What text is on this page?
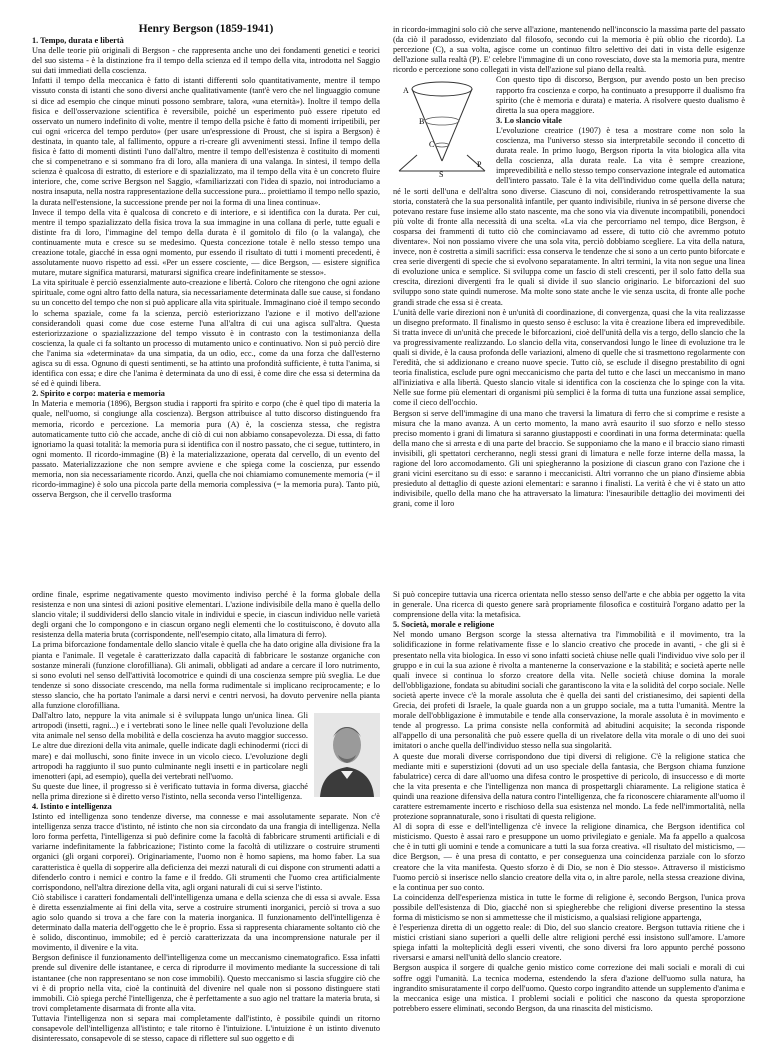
Henry Bergson (1859-1941)

1. Tempo, durata e libertà

Una delle teorie più originali di Bergson - che rappresenta anche uno dei fondamenti genetici e teorici del suo sistema - è la distinzione fra il tempo della scienza ed il tempo della vita, introdotta nel Saggio sui dati immediati della coscienza.

Infatti il tempo della meccanica è fatto di istanti differenti solo quantitativamente, mentre il tempo vissuto consta di istanti che sono diversi anche qualitativamente (tant'è vero che nel linguaggio comune si dice ad esempio che cinque minuti possono sembrare, talora, «una eternità»). Inoltre il tempo della fisica e dell'osservazione scientifica è reversibile, poiché un esperimento può essere ripetuto ed osservato un numero indefinito di volte, mentre il tempo della psiche è fatto di momenti irripetibili, per cui ogni «ricerca del tempo perduto» (per usare un'espressione di Proust, che si ispira a Bergson) è destinata, in quanto tale, al fallimento, oppure a ri-creare gli avvenimenti stessi. Infine il tempo della fisica è fatto di momenti distinti l'uno dall'altro, mentre il tempo dell'esistenza è costituito di momenti che si compenetrano e si sommano fra di loro, alla maniera di una valanga. In sintesi, il tempo della scienza è qualcosa di estratto, di esteriore e di spazializzato, ma il tempo della vita è un concreto fluire interiore, che, come scrive Bergson nel Saggio, «familiarizzati con l'idea di spazio, noi introduciamo a nostra insaputa, nella nostra rappresentazione della successione pura... proiettiamo il tempo nello spazio, la durata nell'estensione, la successione prende per noi la forma di una linea continua».

Invece il tempo della vita è qualcosa di concreto e di interiore, e si identifica con la durata. Per cui, mentre il tempo spazializzato della fisica trova la sua immagine in una collana di perle, tutte eguali e distinte fra di loro, l'immagine del tempo della durata è il gomitolo di filo (o la valanga), che continuamente muta e cresce su se medesimo. Questa concezione totale è nello stesso tempo una creazione totale, giacché in essa ogni momento, pur essendo il risultato di tutti i momenti precedenti, è assolutamente nuovo rispetto ad essi. «Per un essere cosciente, — dice Bergson, — esistere significa mutare, mutare significa maturarsi, maturarsi significa creare indefinitamente se stesso».

La vita spirituale è perciò essenzialmente auto-creazione e libertà. Coloro che ritengono che ogni azione spirituale, come ogni altro fatto della natura, sia necessariamente determinata dalle sue cause, si fondano su un concetto del tempo che non si può applicare alla vita spirituale. Immaginano cioè il tempo secondo lo schema spaziale, come fa la scienza, perciò esteriorizzano l'azione e il motivo dell'azione considerandoli quasi come due cose esterne l'una all'altra di cui una agisca sull'altra. Questa esteriorizzazione o spazializzazione del tempo vissuto è in contrasto con la testimonianza della coscienza, la quale ci fa soltanto un processo di mutamento unico e continuativo. Non si può perciò dire che l'anima sia «determinata» da una simpatia, da un odio, ecc., come da una forza che dall'esterno agisca su di essa. Ognuno di questi sentimenti, se ha attinto una profondità sufficiente, è tutta l'anima, si identifica con essa; e dire che l'anima è determinata da uno di essi, è come dire che essa si determina da sé ed è quindi libera.

2. Spirito e corpo: materia e memoria

In Materia e memoria (1896), Bergson studia i rapporti fra spirito e corpo (che è quel tipo di materia la quale, nell'uomo, si congiunge alla coscienza). Bergson attribuisce al tutto discorso distinguendo fra memoria, ricordo e percezione. La memoria pura (A) è, la coscienza stessa, che registra automaticamente tutto ciò che accade, anche di ciò di cui non abbiamo consapevolezza. Di essa, di fatto ignoriamo la quasi totalità: la memoria pura si identifica con il nostro passato, che ci segue, tuttintero, in ogni momento. Il ricordo-immagine (B) è la materializzazione, operata dal cervello, di un evento del passato. Materializzazione che non sempre avviene e che spiega come la coscienza, pur essendo memoria, non sia necessariamente ricordo. Anzi, quella che noi chiamiamo comunemente memoria (= il ricordo-immagine) è solo una piccola parte della memoria complessiva (= la memoria pura). Tanto più, osserva Bergson, che il cervello trasforma

in ricordo-immagini solo ciò che serve all'azione, mantenendo nell'inconscio la massima parte del passato (da ciò il paradosso, evidenziato dal filosofo, secondo cui la memoria è più oblio che ricordo). La percezione (C), a sua volta, agisce come un continuo filtro selettivo dei dati in vista delle esigenze dell'azione sulla realtà (P). E' celebre l'immagine di un cono rovesciato, dove sta la memoria pura, mentre ricordo e percezione sono collegati in vista dell'azione sul piano della realtà.

A
B
C
P
S

Con questo tipo di discorso, Bergson, pur avendo posto un ben preciso rapporto fra coscienza e corpo, ha continuato a presupporre il dualismo fra spirito (che è memoria e durata) e materia. A risolvere questo dualismo è diretta la sua opera maggiore.

3. Lo slancio vitale

L'evoluzione creatrice (1907) è tesa a mostrare come non solo la coscienza, ma l'universo stesso sia interpretabile secondo il concetto di durata reale. In primo luogo, Bergson riporta la vita biologica alla vita della coscienza, alla durata reale. La vita è sempre creazione, imprevedibilità e nello stesso tempo conservazione integrale ed automatica dell'intero passato. Tale è la vita dell'individuo come quella della natura; né le sorti dell'una e dell'altra sono diverse. Ciascuno di noi, considerando retrospettivamente la sua storia, constaterà che la sua personalità infantile, per quanto indivisibile, riuniva in sé persone diverse che potevano restare fuse insieme allo stato nascente, ma che sono via via divenute incompatibili, ponendoci più volte di fronte alla necessità di una scelta. «La via che percorriamo nel tempo, dice Bergson, è cosparsa dei frammenti di tutto ciò che cominciavamo ad essere, di tutto ciò che avremmo potuto diventare». Noi non possiamo vivere che una sola vita, perciò dobbiamo scegliere. La vita della natura, invece, non è costretta a simili sacrifici: essa conserva le tendenze che si sono a un certo punto biforcate e crea serie divergenti di specie che si evolvono separatamente. In altri termini, la vita non segue una linea di evoluzione unica e semplice. Si sviluppa come un fascio di steli crescenti, per il solo fatto della sua crescita, direzioni divergenti fra le quali si divide il suo slancio originario. Le biforcazioni del suo sviluppo sono state quindi numerose. Ma molte sono state anche le vie senza uscita, di fronte alle poche grandi strade che essa si è creata.

L'unità delle varie direzioni non è un'unità di coordinazione, di convergenza, quasi che la vita realizzasse un disegno preformato. Il finalismo in questo senso è escluso: la vita è creazione libera ed imprevedibile. Si tratta invece di un'unità che precede le biforcazioni, cioè dell'unità della vis a tergo, dello slancio che la va progressivamente realizzando. Lo slancio della vita, conservandosi lungo le linee di evoluzione tra le quali si divide, è la causa profonda delle variazioni, almeno di quelle che si trasmettono regolarmente con l'eredità, che si addizionano e creano nuove specie. Tutto ciò, se esclude il disegno prestabilito di ogni teoria finalistica, esclude pure ogni meccanicismo che parta del tutto e che lasci un meccanismo in mano all'iniziativa e alla libertà. Questo slancio vitale si identifica con la coscienza che lo spinge con la vita. Nelle sue forme più elementari di organismi più semplici è la forma di tutta una funzione assai semplice, come il cieco dell'occhio.

Bergson si serve dell'immagine di una mano che traversi la limatura di ferro che si comprime e resiste a misura che la mano avanza. A un certo momento, la mano avrà esaurito il suo sforzo e nello stesso preciso momento i grani di limatura si saranno giustapposti e coordinati in una forma determinata: quella della mano che si arresta e di una parte del braccio. Se supponiamo che la mano e il braccio siano rimasti invisibili, gli spettatori cercheranno, negli stessi grani di limatura e nelle forze interne della massa, la ragione del loro accomodamento. Gli uni spiegheranno la posizione di ciascun grano con l'azione che i grani vicini esercitano su di esso: e saranno i meccanicisti. Altri vorranno che un piano d'insieme abbia presieduto al dettaglio di queste azioni elementari: e saranno i finalisti. La verità è che vi è stato un atto indivisibile, quello della mano che ha attraversato la limatura: l'inesauribile dettaglio dei movimenti dei grani, come il loro

ordine finale, esprime negativamente questo movimento indiviso perché è la forma globale della resistenza e non una sintesi di azioni positive elementari. L'azione indivisibile della mano è quella dello slancio vitale; il suddividersi dello slancio vitale in individui e specie, in ciascun individuo nelle varietà degli organi che lo compongono e in ciascun organo negli elementi che lo costituiscono, è dovuto alla resistenza della materia bruta (corrispondente, nell'esempio citato, alla limatura di ferro).

La prima biforcazione fondamentale dello slancio vitale è quella che ha dato origine alla divisione fra la pianta e l'animale. Il vegetale è caratterizzato dalla capacità di fabbricare le sostanze organiche con sostanze minerali (funzione clorofilliana). Gli animali, obbligati ad andare a cercare il loro nutrimento, si sono evoluti nel senso dell'attività locomotrice e quindi di una coscienza sempre più sveglia. Le due tendenze si sono dissociate crescendo, ma nella forma rudimentale si implicano reciprocamente; e lo stesso slancio, che ha portato l'animale a darsi nervi e centri nervosi, ha dovuto pervenire nella pianta alla funzione clorofilliana.

Dall'altro lato, neppure la vita animale si è sviluppata lungo un'unica linea. Gli artropodi (insetti, ragni...) e i vertebrati sono le linee nelle quali l'evoluzione della vita animale nel senso della mobilità e della coscienza ha avuto maggior successo. Le altre due direzioni della vita animale, quelle indicate dagli echinodermi (ricci di mare) e dai molluschi, sono finite invece in un vicolo cieco. L'evoluzione degli artropodi ha raggiunto il suo punto culminante negli insetti e in particolare negli imenotteri (api, ad esempio), quella dei vertebrati nell'uomo.

Su queste due linee, il progresso si è verificato tuttavia in forma diversa, giacché nella prima direzione si è diretto verso l'istinto, nella seconda verso l'intelligenza.

4. Istinto e intelligenza

Istinto ed intelligenza sono tendenze diverse, ma connesse e mai assolutamente separate. Non c'è intelligenza senza tracce d'istinto, né istinto che non sia circondato da una frangia di intelligenza. Nella loro forma perfetta, l'intelligenza si può definire come la facoltà di fabbricare strumenti artificiali e di variarne indefinitamente la fabbricazione; l'istinto come la facoltà di utilizzare o costruire strumenti organici (gli organi corporei). Originariamente, l'uomo non è homo sapiens, ma homo faber. La sua caratteristica è quella di sopperire alla deficienza dei mezzi naturali di cui dispone con strumenti adatti a difenderlo contro i nemici e contro la fame e il freddo. Gli strumenti che l'uomo crea artificialmente corrispondono, nell'altra direzione della vita, agli organi naturali di cui si serve l'istinto.

Ciò stabilisce i caratteri fondamentali dell'intelligenza umana e della scienza che di essa si avvale. Essa è diretta essenzialmente ai fini della vita, serve a costruire strumenti inorganici, perciò si trova a suo agio solo quando si trova a che fare con la materia inorganica. Il funzionamento dell'intelligenza è determinato dalla materia dell'oggetto che le è proprio. Essa si rappresenta chiaramente soltanto ciò che è solido, discontinuo, immobile; ed è perciò caratterizzata da una incomprensione naturale per il movimento, il divenire e la vita.

Bergson definisce il funzionamento dell'intelligenza come un meccanismo cinematografico. Essa infatti prende sul divenire delle istantanee, e cerca di riprodurre il movimento mediante la successione di tali istantanee (che non rappresentano se non cose immobili). Questo meccanismo si lascia sfuggire ciò che vi è di proprio nella vita, cioè la continuità del divenire nel quale non si possono distinguere stati immobili. Ciò spiega perché l'intelligenza, che è perfettamente a suo agio nel trattare la materia bruta, si trovi completamente disarmata di fronte alla vita.

Tuttavia l'intelligenza non si separa mai completamente dall'istinto, è possibile quindi un ritorno consapevole dell'intelligenza all'istinto; e tale ritorno è l'intuizione. L'intuizione è un istinto divenuto disinteressato, consapevole di se stesso, capace di riflettere sul suo oggetto e di

Si può concepire tuttavia una ricerca orientata nello stesso senso dell'arte e che abbia per oggetto la vita in generale. Una ricerca di questo genere sarà propriamente filosofica e costituirà l'organo adatto per la comprensione della vita: la metafisica.

5. Società, morale e religione

Nel mondo umano Bergson scorge la stessa alternativa tra l'immobilità e il movimento, tra la solidificazione in forme relativamente fisse e lo slancio creativo che procede in avanti, - che gli si è presentato nella vita biologica. In esso vi sono infatti società chiuse nelle quali l'individuo vive solo per il gruppo e in cui la sua azione è rivolta a mantenerne la conservazione e la stabilità; e società aperte nelle quali invece si continua lo sforzo creatore della vita. Nelle società chiuse domina la morale dell'obbligazione, fondata su abitudini sociali che garantiscono la vita e la solidità del corpo sociale. Nelle società aperte invece c'è la morale assoluta che è quella dei santi del cristianesimo, dei sapienti della Grecia, dei profeti di Israele, la quale guarda non a un gruppo sociale, ma a tutta l'umanità. Mentre la morale dell'obbligazione è immutabile e tende alla conservazione, la morale assoluta è in movimento e tende al progresso. La prima consiste nella conformità ad abitudini acquisite; la seconda risponde all'appello di una personalità che può essere quella di un rivelatore della vita morale o di uno dei suoi imitatori o anche quella dell'individuo stesso nella sua singolarità.

A queste due morali diverse corrispondono due tipi diversi di religione. C'è la religione statica che mediante miti e superstizioni (dovuti ad un uso speciale della fantasia, che Bergson chiama funzione fabulatrice) cerca di dare all'uomo una difesa contro le prospettive di pericolo, di insuccesso e di morte che la vita presenta e che l'intelligenza non manca di prospettargli chiaramente. La religione statica è quindi una reazione difensiva della natura contro l'intelligenza, che fa riconoscere chiaramente all'uomo il carattere estremamente incerto e rischioso della sua esistenza nel mondo. La fede nell'immortalità, nella protezione soprannaturale, sono i risultati di questa religione.

Al di sopra di esse e dell'intelligenza c'è invece la religione dinamica, che Bergson identifica col misticismo. Questo è assai raro e presuppone un uomo privilegiato e geniale. Ma fa appello a qualcosa che è in tutti gli uomini e tende a comunicare a tutti la sua forza creativa. «Il risultato del misticismo, — dice Bergson, — è una presa di contatto, e per conseguenza una coincidenza parziale con lo sforzo creatore che la vita manifesta. Questo sforzo è di Dio, se non è Dio stesso». Attraverso il misticismo l'uomo perciò si inserisce nello slancio creatore della vita o, in altre parole, nella stessa creazione divina, e la continua per suo conto.

La coincidenza dell'esperienza mistica in tutte le forme di religione è, secondo Bergson, l'unica prova possibile dell'esistenza di Dio, giacché non si spiegherebbe che religioni diverse presentino la stessa forma di misticismo se non si ammettesse che il misticismo, a qualsiasi religione appartenga,

è l'esperienza diretta di un oggetto reale: di Dio, del suo slancio creatore. Bergson tuttavia ritiene che i mistici cristiani siano superiori a quelli delle altre religioni perché essi insistono sull'amore. L'amore spiega infatti la molteplicità degli esseri viventi, che sono diversi fra loro appunto perché possono riversarsi e amarsi nell'unità dello slancio creatore.

Bergson auspica il sorgere di qualche genio mistico come correzione dei mali sociali e morali di cui soffre oggi l'umanità. La tecnica moderna, estendendo la sfera d'azione dell'uomo sulla natura, ha ingrandito smisuratamente il corpo dell'uomo. Questo corpo ingrandito attende un supplemento d'anima e la meccanica esige una mistica. I problemi sociali e politici che nascono da questa sproporzione potrebbero essere eliminati, secondo Bergson, da una rinascita del misticismo.
